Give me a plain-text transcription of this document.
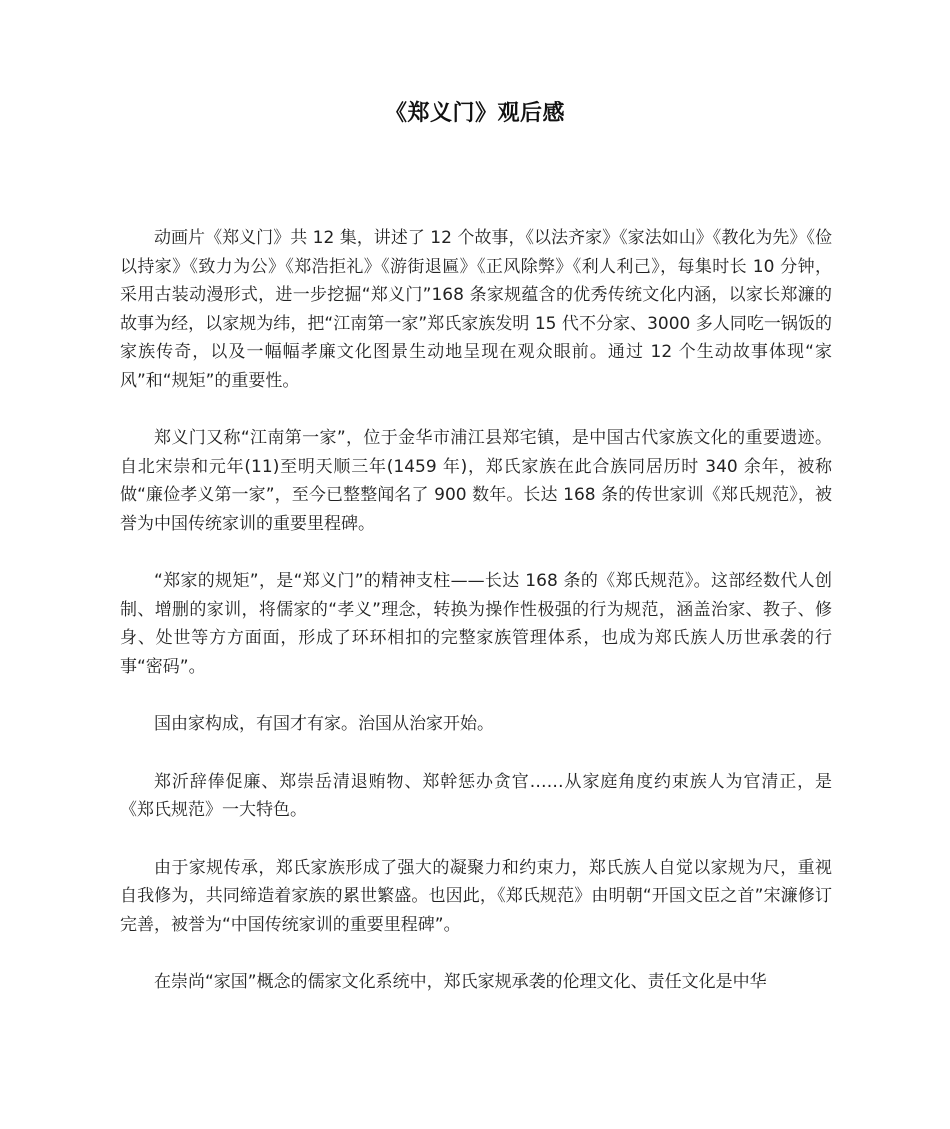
《郑义门》观后感

动画片《郑义门》共 12 集，讲述了 12 个故事，《以法齐家》《家法如山》《教化为先》《俭以持家》《致力为公》《郑浩拒礼》《游街退匾》《正风除弊》《利人利己》，每集时长 10 分钟，采用古装动漫形式，进一步挖掘“郑义门”168 条家规蕴含的优秀传统文化内涵，以家长郑濂的故事为经，以家规为纬，把“江南第一家”郑氏家族发明 15 代不分家、3000 多人同吃一锅饭的家族传奇，以及一幅幅孝廉文化图景生动地呈现在观众眼前。通过 12 个生动故事体现“家风”和“规矩”的重要性。

郑义门又称“江南第一家”，位于金华市浦江县郑宅镇，是中国古代家族文化的重要遗迹。自北宋崇和元年(11)至明天顺三年(1459 年)，郑氏家族在此合族同居历时 340 余年，被称做“廉俭孝义第一家”，至今已整整闻名了 900 数年。长达 168 条的传世家训《郑氏规范》，被誉为中国传统家训的重要里程碑。

“郑家的规矩”，是“郑义门”的精神支柱——长达 168 条的《郑氏规范》。这部经数代人创制、增删的家训，将儒家的“孝义”理念，转换为操作性极强的行为规范，涵盖治家、教子、修身、处世等方方面面，形成了环环相扣的完整家族管理体系，也成为郑氏族人历世承袭的行事“密码”。

国由家构成，有国才有家。治国从治家开始。

郑沂辞俸促廉、郑崇岳清退贿物、郑幹惩办贪官……从家庭角度约束族人为官清正，是《郑氏规范》一大特色。

由于家规传承，郑氏家族形成了强大的凝聚力和约束力，郑氏族人自觉以家规为尺，重视自我修为，共同缔造着家族的累世繁盛。也因此，《郑氏规范》由明朝“开国文臣之首”宋濂修订完善，被誉为“中国传统家训的重要里程碑”。

在崇尚“家国”概念的儒家文化系统中，郑氏家规承袭的伦理文化、责任文化是中华
